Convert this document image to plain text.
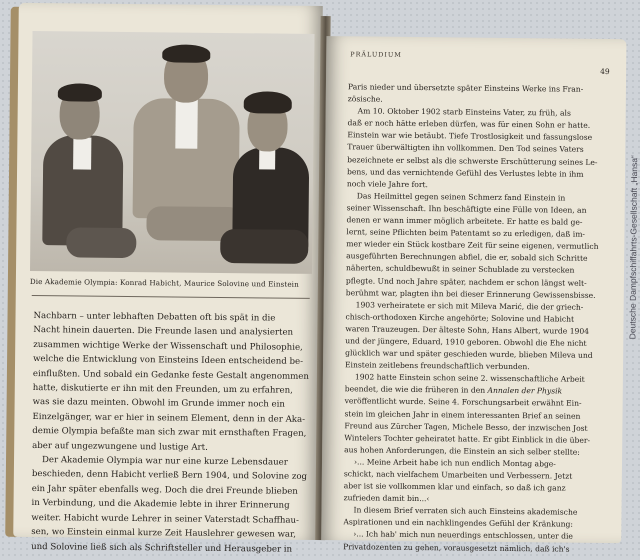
Die Akademie Olympia: Konrad Habicht, Maurice Solovine und Einstein
Nachbarn – unter lebhaften Debatten oft bis spät in die
Nacht hinein dauerten. Die Freunde lasen und analysierten
zusammen wichtige Werke der Wissenschaft und Philosophie,
welche die Entwicklung von Einsteins Ideen entscheidend be-
einflußten. Und sobald ein Gedanke feste Gestalt angenommen
hatte, diskutierte er ihn mit den Freunden, um zu erfahren,
was sie dazu meinten. Obwohl im Grunde immer noch ein
Einzelgänger, war er hier in seinem Element, denn in der Aka-
demie Olympia befaßte man sich zwar mit ernsthaften Fragen,
aber auf ungezwungene und lustige Art.
Der Akademie Olympia war nur eine kurze Lebensdauer
beschieden, denn Habicht verließ Bern 1904, und Solovine zog
ein Jahr später ebenfalls weg. Doch die drei Freunde blieben
in Verbindung, und die Akademie lebte in ihrer Erinnerung
weiter. Habicht wurde Lehrer in seiner Vaterstadt Schaffhau-
sen, wo Einstein einmal kurze Zeit Hauslehrer gewesen war,
und Solovine ließ sich als Schriftsteller und Herausgeber in
PRÄLUDIUM
49
Paris nieder und übersetzte später Einsteins Werke ins Fran-
zösische.
Am 10. Oktober 1902 starb Einsteins Vater, zu früh, als
daß er noch hätte erleben dürfen, was für einen Sohn er hatte.
Einstein war wie betäubt. Tiefe Trostlosigkeit und fassungslose
Trauer überwältigten ihn vollkommen. Den Tod seines Vaters
bezeichnete er selbst als die schwerste Erschütterung seines Le-
bens, und das vernichtende Gefühl des Verlustes lebte in ihm
noch viele Jahre fort.
Das Heilmittel gegen seinen Schmerz fand Einstein in
seiner Wissenschaft. Ihn beschäftigte eine Fülle von Ideen, an
denen er wann immer möglich arbeitete. Er hatte es bald ge-
lernt, seine Pflichten beim Patentamt so zu erledigen, daß im-
mer wieder ein Stück kostbare Zeit für seine eigenen, vermutlich
ausgeführten Berechnungen abfiel, die er, sobald sich Schritte
näherten, schuldbewußt in seiner Schublade zu verstecken
pflegte. Und noch Jahre später, nachdem er schon längst welt-
berühmt war, plagten ihn bei dieser Erinnerung Gewissensbisse.
1903 verheiratete er sich mit Mileva Marić, die der griech-
chisch-orthodoxen Kirche angehörte; Solovine und Habicht
waren Trauzeugen. Der älteste Sohn, Hans Albert, wurde 1904
und der jüngere, Eduard, 1910 geboren. Obwohl die Ehe nicht
glücklich war und später geschieden wurde, blieben Mileva und
Einstein zeitlebens freundschaftlich verbunden.
1902 hatte Einstein schon seine 2. wissenschaftliche Arbeit
beendet, die wie die früheren in den Annalen der Physik
veröffentlicht wurde. Seine 4. Forschungsarbeit erwähnt Ein-
stein im gleichen Jahr in einem interessanten Brief an seinen
Freund aus Zürcher Tagen, Michele Besso, der inzwischen Jost
Wintelers Tochter geheiratet hatte. Er gibt Einblick in die über-
aus hohen Anforderungen, die Einstein an sich selber stellte:
›... Meine Arbeit habe ich nun endlich Montag abge-
schickt, nach vielfachem Umarbeiten und Verbessern. Jetzt
aber ist sie vollkommen klar und einfach, so daß ich ganz
zufrieden damit bin...‹
In diesem Brief verraten sich auch Einsteins akademische
Aspirationen und ein nachklingendes Gefühl der Kränkung:
›... Ich hab' mich nun neuerdings entschlossen, unter die
Privatdozenten zu gehen, vorausgesetzt nämlich, daß ich's
Deutsche Dampfschiffahrts-Gesellschaft „Hansa“
